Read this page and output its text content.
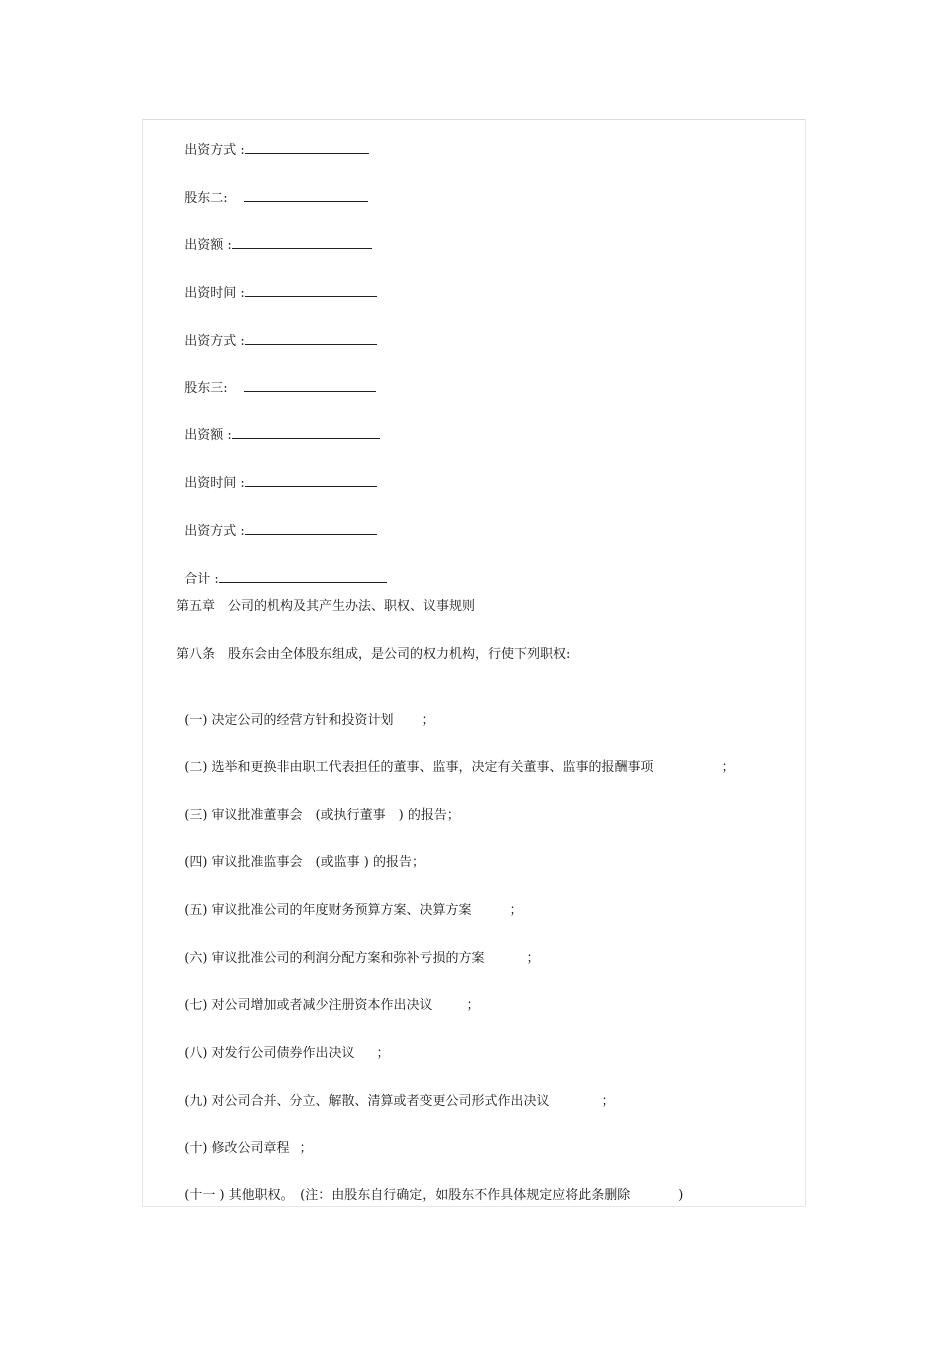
出资方式 :

股东二:

出资额 :

出资时间 :

出资方式 :

股东三:

出资额 :

出资时间 :

出资方式 :

合计 :

第五章　公司的机构及其产生办法、职权、议事规则
第八条　股东会由全体股东组成，是公司的权力机构，行使下列职权:

(一) 决定公司的经营方针和投资计划 ；

(二) 选举和更换非由职工代表担任的董事、监事，决定有关董事、监事的报酬事项	；

(三) 审议批准董事会　(或执行董事　) 的报告；

(四) 审议批准监事会　(或监事 ) 的报告；

(五) 审议批准公司的年度财务预算方案、决算方案	；

(六) 审议批准公司的利润分配方案和弥补亏损的方案	；

(七) 对公司增加或者减少注册资本作出决议	；

(八) 对发行公司债券作出决议 ；

(九) 对公司合并、分立、解散、清算或者变更公司形式作出决议	；

(十) 修改公司章程 ；

(十一 ) 其他职权。　(注：由股东自行确定，如股东不作具体规定应将此条删除	)
